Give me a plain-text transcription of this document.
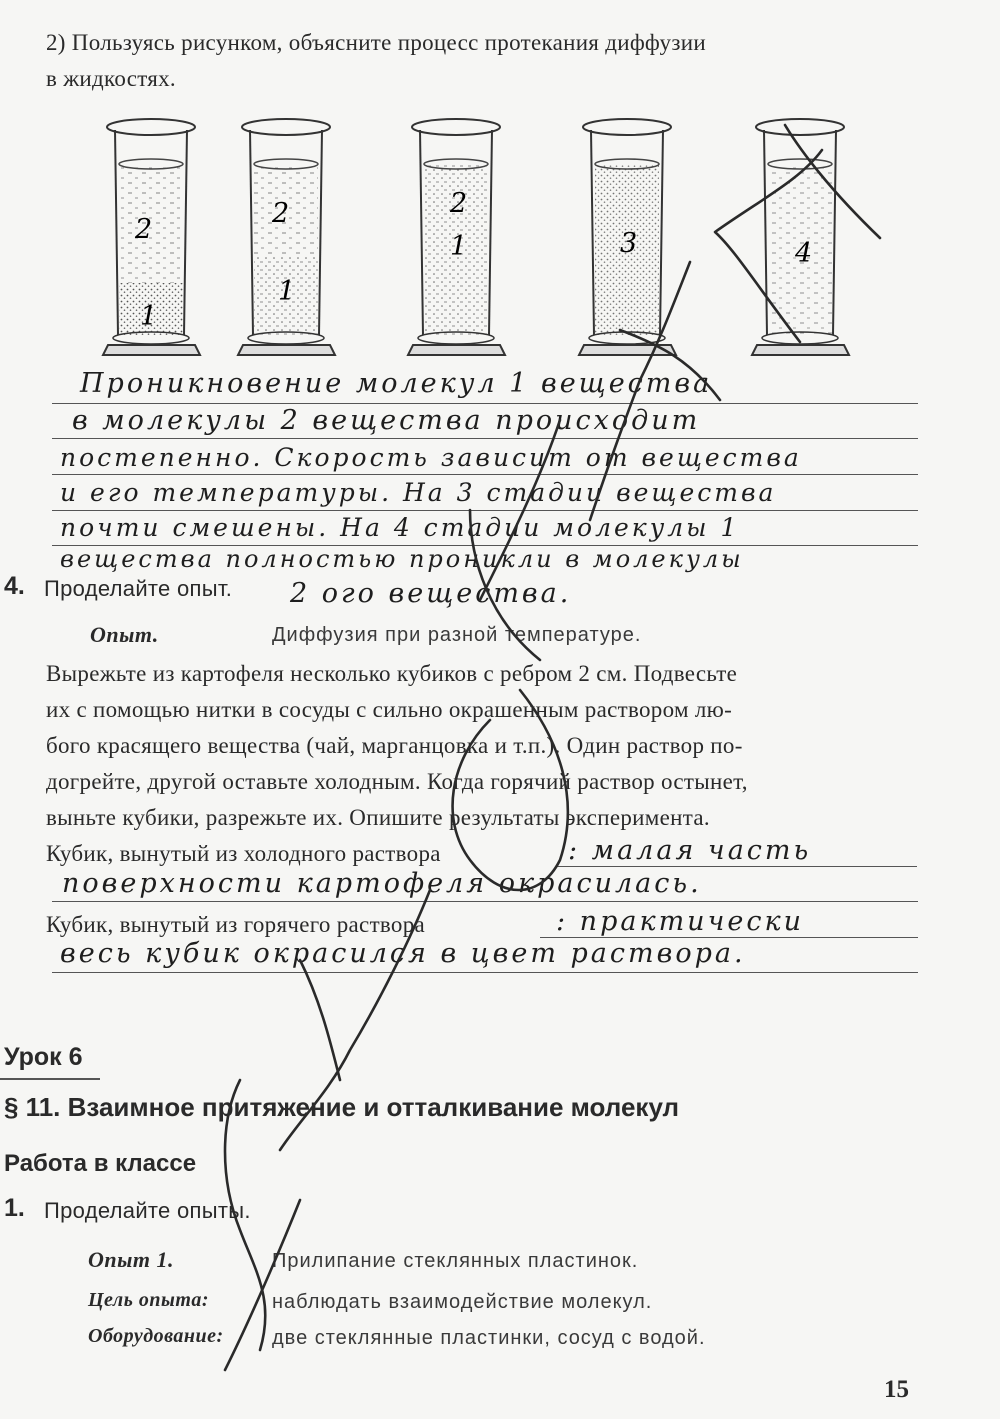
2) Пользуясь рисунком, объясните процесс протекания диффузии
в жидкостях.
2
1
2
1
2
1	3	4
Проникновение молекул 1 вещества
в молекулы 2 вещества происходит
постепенно. Скорость зависит от вещества
и его температуры. На 3 стадии вещества
почти смешены. На 4 стадии молекулы 1
вещества полностью проникли в молекулы
2 ого вещества.
4. Проделайте опыт.
Опыт.	Диффузия при разной температуре.
Вырежьте из картофеля несколько кубиков с ребром 2 см. Подвесьте
их с помощью нитки в сосуды с сильно окрашенным раствором лю-
бого красящего вещества (чай, марганцовка и т.п.). Один раствор по-
догрейте, другой оставьте холодным. Когда горячий раствор остынет,
выньте кубики, разрежьте их. Опишите результаты эксперимента.
Кубик, вынутый из холодного раствора	: малая часть
поверхности картофеля окрасилась.
Кубик, вынутый из горячего раствора	: практически
весь кубик окрасился в цвет раствора.
Урок 6
§ 11. Взаимное притяжение и отталкивание молекул
Работа в классе
1. Проделайте опыты.
Опыт 1.	Прилипание стеклянных пластинок.
Цель опыта:	наблюдать взаимодействие молекул.
Оборудование: две стеклянные пластинки, сосуд с водой.
15
